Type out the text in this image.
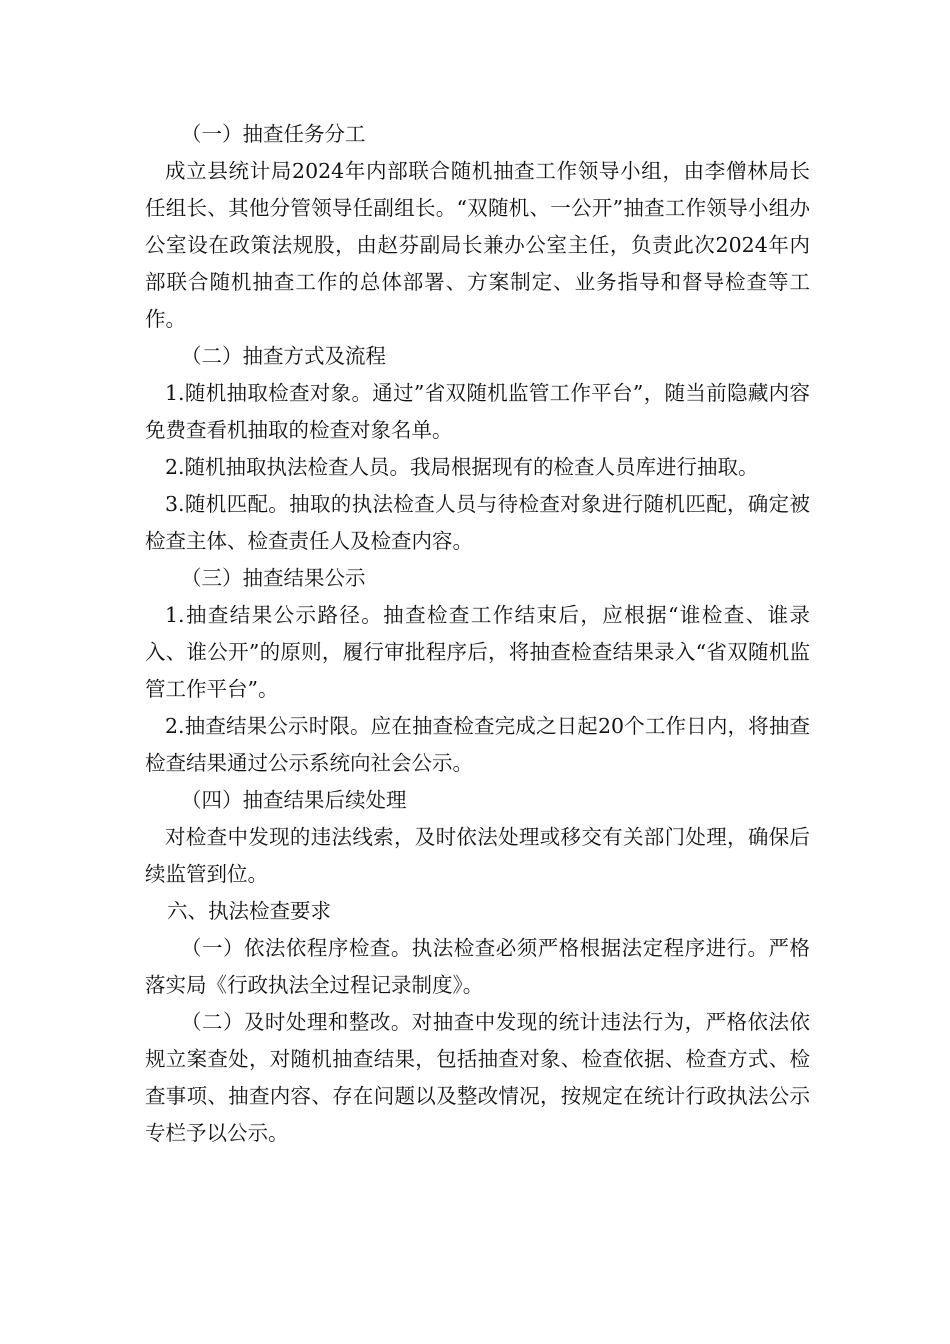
（一）抽查任务分工

成立县统计局2024年内部联合随机抽查工作领导小组，由李僧林局长任组长、其他分管领导任副组长。“双随机、一公开”抽查工作领导小组办公室设在政策法规股，由赵芬副局长兼办公室主任，负责此次2024年内部联合随机抽查工作的总体部署、方案制定、业务指导和督导检查等工作。

（二）抽查方式及流程

1.随机抽取检查对象。通过”省双随机监管工作平台”，随当前隐藏内容免费查看机抽取的检查对象名单。

2.随机抽取执法检查人员。我局根据现有的检查人员库进行抽取。

3.随机匹配。抽取的执法检查人员与待检查对象进行随机匹配，确定被检查主体、检查责任人及检查内容。

（三）抽查结果公示

1.抽查结果公示路径。抽查检查工作结束后，应根据“谁检查、谁录入、谁公开”的原则，履行审批程序后，将抽查检查结果录入“省双随机监管工作平台”。

2.抽查结果公示时限。应在抽查检查完成之日起20个工作日内，将抽查检查结果通过公示系统向社会公示。

（四）抽查结果后续处理

对检查中发现的违法线索，及时依法处理或移交有关部门处理，确保后续监管到位。

六、执法检查要求

（一）依法依程序检查。执法检查必须严格根据法定程序进行。严格落实局《行政执法全过程记录制度》。

（二）及时处理和整改。对抽查中发现的统计违法行为，严格依法依规立案查处，对随机抽查结果，包括抽查对象、检查依据、检查方式、检查事项、抽查内容、存在问题以及整改情况，按规定在统计行政执法公示专栏予以公示。
